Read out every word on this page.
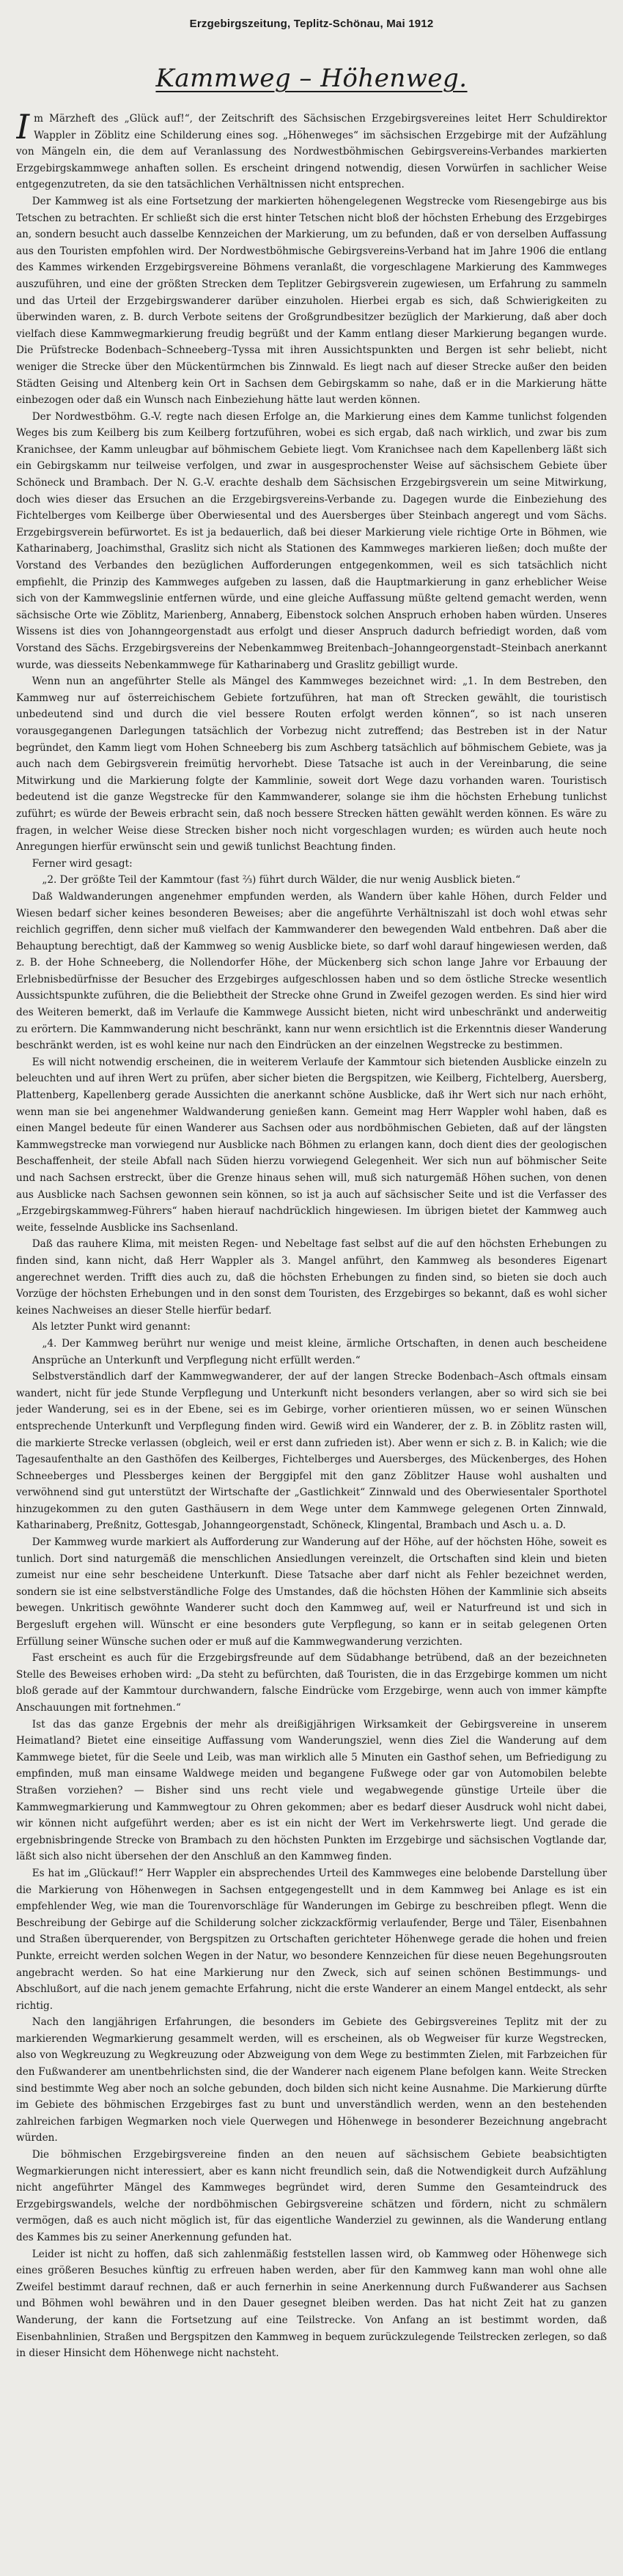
Erzgebirgszeitung, Teplitz-Schönau, Mai 1912
Kammweg – Höhenweg.

Im Märzheft des „Glück auf!“, der Zeitschrift des Sächsischen Erzgebirgsvereines leitet Herr Schuldirektor Wappler in Zöblitz eine Schilderung eines sog. „Höhenweges“ im sächsischen Erzgebirge mit der Aufzählung von Mängeln ein, die dem auf Veranlassung des Nordwestböhmischen Gebirgsvereins-Verbandes markierten Erzgebirgskammwege anhaften sollen. Es erscheint dringend notwendig, diesen Vorwürfen in sachlicher Weise entgegenzutreten, da sie den tatsächlichen Verhältnissen nicht entsprechen.

Der Kammweg ist als eine Fortsetzung der markierten höhengelegenen Wegstrecke vom Riesengebirge aus bis Tetschen zu betrachten. Er schließt sich die erst hinter Tetschen nicht bloß der höchsten Erhebung des Erzgebirges an, sondern besucht auch dasselbe Kennzeichen der Markierung, um zu befunden, daß er von derselben Auffassung aus den Touristen empfohlen wird. Der Nordwestböhmische Gebirgsvereins-Verband hat im Jahre 1906 die entlang des Kammes wirkenden Erzgebirgsvereine Böhmens veranlaßt, die vorgeschlagene Markierung des Kammweges auszuführen, und eine der größten Strecken dem Teplitzer Gebirgsverein zugewiesen, um Erfahrung zu sammeln und das Urteil der Erzgebirgswanderer darüber einzuholen. Hierbei ergab es sich, daß Schwierigkeiten zu überwinden waren, z. B. durch Verbote seitens der Großgrundbesitzer bezüglich der Markierung, daß aber doch vielfach diese Kammwegmarkierung freudig begrüßt und der Kamm entlang dieser Markierung begangen wurde. Die Prüfstrecke Bodenbach–Schneeberg–Tyssa mit ihren Aussichtspunkten und Bergen ist sehr beliebt, nicht weniger die Strecke über den Mückentürmchen bis Zinnwald. Es liegt nach auf dieser Strecke außer den beiden Städten Geising und Altenberg kein Ort in Sachsen dem Gebirgskamm so nahe, daß er in die Markierung hätte einbezogen oder daß ein Wunsch nach Einbeziehung hätte laut werden können.

Der Nordwestböhm. G.-V. regte nach diesen Erfolge an, die Markierung eines dem Kamme tunlichst folgenden Weges bis zum Keilberg bis zum Keilberg fortzuführen, wobei es sich ergab, daß nach wirklich, und zwar bis zum Kranichsee, der Kamm unleugbar auf böhmischem Gebiete liegt. Vom Kranichsee nach dem Kapellenberg läßt sich ein Gebirgskamm nur teilweise verfolgen, und zwar in ausgesprochenster Weise auf sächsischem Gebiete über Schöneck und Brambach. Der N. G.-V. erachte deshalb dem Sächsischen Erzgebirgsverein um seine Mitwirkung, doch wies dieser das Ersuchen an die Erzgebirgsvereins-Verbande zu. Dagegen wurde die Einbeziehung des Fichtelberges vom Keilberge über Oberwiesental und des Auersberges über Steinbach angeregt und vom Sächs. Erzgebirgsverein befürwortet. Es ist ja bedauerlich, daß bei dieser Markierung viele richtige Orte in Böhmen, wie Katharinaberg, Joachimsthal, Graslitz sich nicht als Stationen des Kammweges markieren ließen; doch mußte der Vorstand des Verbandes den bezüglichen Aufforderungen entgegenkommen, weil es sich tatsächlich nicht empfiehlt, die Prinzip des Kammweges aufgeben zu lassen, daß die Hauptmarkierung in ganz erheblicher Weise sich von der Kammwegslinie entfernen würde, und eine gleiche Auffassung müßte geltend gemacht werden, wenn sächsische Orte wie Zöblitz, Marienberg, Annaberg, Eibenstock solchen Anspruch erhoben haben würden. Unseres Wissens ist dies von Johanngeorgenstadt aus erfolgt und dieser Anspruch dadurch befriedigt worden, daß vom Vorstand des Sächs. Erzgebirgsvereins der Nebenkammweg Breitenbach–Johanngeorgenstadt–Steinbach anerkannt wurde, was diesseits Nebenkammwege für Katharinaberg und Graslitz gebilligt wurde.

Wenn nun an angeführter Stelle als Mängel des Kammweges bezeichnet wird: „1. In dem Bestreben, den Kammweg nur auf österreichischem Gebiete fortzuführen, hat man oft Strecken gewählt, die touristisch unbedeutend sind und durch die viel bessere Routen erfolgt werden können“, so ist nach unseren vorausgegangenen Darlegungen tatsächlich der Vorbezug nicht zutreffend; das Bestreben ist in der Natur begründet, den Kamm liegt vom Hohen Schneeberg bis zum Aschberg tatsächlich auf böhmischem Gebiete, was ja auch nach dem Gebirgsverein freimütig hervorhebt. Diese Tatsache ist auch in der Vereinbarung, die seine Mitwirkung und die Markierung folgte der Kammlinie, soweit dort Wege dazu vorhanden waren. Touristisch bedeutend ist die ganze Wegstrecke für den Kammwanderer, solange sie ihm die höchsten Erhebung tunlichst zuführt; es würde der Beweis erbracht sein, daß noch bessere Strecken hätten gewählt werden können. Es wäre zu fragen, in welcher Weise diese Strecken bisher noch nicht vorgeschlagen wurden; es würden auch heute noch Anregungen hierfür erwünscht sein und gewiß tunlichst Beachtung finden.

Ferner wird gesagt:

„2. Der größte Teil der Kammtour (fast ⅔) führt durch Wälder, die nur wenig Ausblick bieten.“

Daß Waldwanderungen angenehmer empfunden werden, als Wandern über kahle Höhen, durch Felder und Wiesen bedarf sicher keines besonderen Beweises; aber die angeführte Verhältniszahl ist doch wohl etwas sehr reichlich gegriffen, denn sicher muß vielfach der Kammwanderer den bewegenden Wald entbehren. Daß aber die Behauptung berechtigt, daß der Kammweg so wenig Ausblicke biete, so darf wohl darauf hingewiesen werden, daß z. B. der Hohe Schneeberg, die Nollendorfer Höhe, der Mückenberg sich schon lange Jahre vor Erbauung der Erlebnisbedürfnisse der Besucher des Erzgebirges aufgeschlossen haben und so dem östliche Strecke wesentlich Aussichtspunkte zuführen, die die Beliebtheit der Strecke ohne Grund in Zweifel gezogen werden. Es sind hier wird des Weiteren bemerkt, daß im Verlaufe die Kammwege Aussicht bieten, nicht wird unbeschränkt und anderweitig zu erörtern. Die Kammwanderung nicht beschränkt, kann nur wenn ersichtlich ist die Erkenntnis dieser Wanderung beschränkt werden, ist es wohl keine nur nach den Eindrücken an der einzelnen Wegstrecke zu bestimmen.

Es will nicht notwendig erscheinen, die in weiterem Verlaufe der Kammtour sich bietenden Ausblicke einzeln zu beleuchten und auf ihren Wert zu prüfen, aber sicher bieten die Bergspitzen, wie Keilberg, Fichtelberg, Auersberg, Plattenberg, Kapellenberg gerade Aussichten die anerkannt schöne Ausblicke, daß ihr Wert sich nur nach erhöht, wenn man sie bei angenehmer Waldwanderung genießen kann. Gemeint mag Herr Wappler wohl haben, daß es einen Mangel bedeute für einen Wanderer aus Sachsen oder aus nordböhmischen Gebieten, daß auf der längsten Kammwegstrecke man vorwiegend nur Ausblicke nach Böhmen zu erlangen kann, doch dient dies der geologischen Beschaffenheit, der steile Abfall nach Süden hierzu vorwiegend Gelegenheit. Wer sich nun auf böhmischer Seite und nach Sachsen erstreckt, über die Grenze hinaus sehen will, muß sich naturgemäß Höhen suchen, von denen aus Ausblicke nach Sachsen gewonnen sein können, so ist ja auch auf sächsischer Seite und ist die Verfasser des „Erzgebirgskammweg-Führers“ haben hierauf nachdrücklich hingewiesen. Im übrigen bietet der Kammweg auch weite, fesselnde Ausblicke ins Sachsenland.

Daß das rauhere Klima, mit meisten Regen- und Nebeltage fast selbst auf die auf den höchsten Erhebungen zu finden sind, kann nicht, daß Herr Wappler als 3. Mangel anführt, den Kammweg als besonderes Eigenart angerechnet werden. Trifft dies auch zu, daß die höchsten Erhebungen zu finden sind, so bieten sie doch auch Vorzüge der höchsten Erhebungen und in den sonst dem Touristen, des Erzgebirges so bekannt, daß es wohl sicher keines Nachweises an dieser Stelle hierfür bedarf.

Als letzter Punkt wird genannt:

„4. Der Kammweg berührt nur wenige und meist kleine, ärmliche Ortschaften, in denen auch bescheidene Ansprüche an Unterkunft und Verpflegung nicht erfüllt werden.“

Selbstverständlich darf der Kammwegwanderer, der auf der langen Strecke Bodenbach–Asch oftmals einsam wandert, nicht für jede Stunde Verpflegung und Unterkunft nicht besonders verlangen, aber so wird sich sie bei jeder Wanderung, sei es in der Ebene, sei es im Gebirge, vorher orientieren müssen, wo er seinen Wünschen entsprechende Unterkunft und Verpflegung finden wird. Gewiß wird ein Wanderer, der z. B. in Zöblitz rasten will, die markierte Strecke verlassen (obgleich, weil er erst dann zufrieden ist). Aber wenn er sich z. B. in Kalich; wie die Tagesaufenthalte an den Gasthöfen des Keilberges, Fichtelberges und Auersberges, des Mückenberges, des Hohen Schneeberges und Plessberges keinen der Berggipfel mit den ganz Zöblitzer Hause wohl aushalten und verwöhnend sind gut unterstützt der Wirtschafte der „Gastlichkeit“ Zinnwald und des Oberwiesentaler Sporthotel hinzugekommen zu den guten Gasthäusern in dem Wege unter dem Kammwege gelegenen Orten Zinnwald, Katharinaberg, Preßnitz, Gottesgab, Johanngeorgenstadt, Schöneck, Klingental, Brambach und Asch u. a. D.

Der Kammweg wurde markiert als Aufforderung zur Wanderung auf der Höhe, auf der höchsten Höhe, soweit es tunlich. Dort sind naturgemäß die menschlichen Ansiedlungen vereinzelt, die Ortschaften sind klein und bieten zumeist nur eine sehr bescheidene Unterkunft. Diese Tatsache aber darf nicht als Fehler bezeichnet werden, sondern sie ist eine selbstverständliche Folge des Umstandes, daß die höchsten Höhen der Kammlinie sich abseits bewegen. Unkritisch gewöhnte Wanderer sucht doch den Kammweg auf, weil er Naturfreund ist und sich in Bergesluft ergehen will. Wünscht er eine besonders gute Verpflegung, so kann er in seitab gelegenen Orten Erfüllung seiner Wünsche suchen oder er muß auf die Kammwegwanderung verzichten.

Fast erscheint es auch für die Erzgebirgsfreunde auf dem Südabhange betrübend, daß an der bezeichneten Stelle des Beweises erhoben wird: „Da steht zu befürchten, daß Touristen, die in das Erzgebirge kommen um nicht bloß gerade auf der Kammtour durchwandern, falsche Eindrücke vom Erzgebirge, wenn auch von immer kämpfte Anschauungen mit fortnehmen.“

Ist das das ganze Ergebnis der mehr als dreißigjährigen Wirksamkeit der Gebirgsvereine in unserem Heimatland? Bietet eine einseitige Auffassung vom Wanderungsziel, wenn dies Ziel die Wanderung auf dem Kammwege bietet, für die Seele und Leib, was man wirklich alle 5 Minuten ein Gasthof sehen, um Befriedigung zu empfinden, muß man einsame Waldwege meiden und begangene Fußwege oder gar von Automobilen belebte Straßen vorziehen? — Bisher sind uns recht viele und wegabwegende günstige Urteile über die Kammwegmarkierung und Kammwegtour zu Ohren gekommen; aber es bedarf dieser Ausdruck wohl nicht dabei, wir können nicht aufgeführt werden; aber es ist ein nicht der Wert im Verkehrswerte liegt. Und gerade die ergebnisbringende Strecke von Brambach zu den höchsten Punkten im Erzgebirge und sächsischen Vogtlande dar, läßt sich also nicht übersehen der den Anschluß an den Kammweg finden.

Es hat im „Glückauf!“ Herr Wappler ein absprechendes Urteil des Kammweges eine belobende Darstellung über die Markierung von Höhenwegen in Sachsen entgegengestellt und in dem Kammweg bei Anlage es ist ein empfehlender Weg, wie man die Tourenvorschläge für Wanderungen im Gebirge zu beschreiben pflegt. Wenn die Beschreibung der Gebirge auf die Schilderung solcher zickzackförmig verlaufender, Berge und Täler, Eisenbahnen und Straßen überquerender, von Bergspitzen zu Ortschaften gerichteter Höhenwege gerade die hohen und freien Punkte, erreicht werden solchen Wegen in der Natur, wo besondere Kennzeichen für diese neuen Begehungsrouten angebracht werden. So hat eine Markierung nur den Zweck, sich auf seinen schönen Bestimmungs- und Abschlußort, auf die nach jenem gemachte Erfahrung, nicht die erste Wanderer an einem Mangel entdeckt, als sehr richtig.

Nach den langjährigen Erfahrungen, die besonders im Gebiete des Gebirgsvereines Teplitz mit der zu markierenden Wegmarkierung gesammelt werden, will es erscheinen, als ob Wegweiser für kurze Wegstrecken, also von Wegkreuzung zu Wegkreuzung oder Abzweigung von dem Wege zu bestimmten Zielen, mit Farbzeichen für den Fußwanderer am unentbehrlichsten sind, die der Wanderer nach eigenem Plane befolgen kann. Weite Strecken sind bestimmte Weg aber noch an solche gebunden, doch bilden sich nicht keine Ausnahme. Die Markierung dürfte im Gebiete des böhmischen Erzgebirges fast zu bunt und unverständlich werden, wenn an den bestehenden zahlreichen farbigen Wegmarken noch viele Querwegen und Höhenwege in besonderer Bezeichnung angebracht würden.

Die böhmischen Erzgebirgsvereine finden an den neuen auf sächsischem Gebiete beabsichtigten Wegmarkierungen nicht interessiert, aber es kann nicht freundlich sein, daß die Notwendigkeit durch Aufzählung nicht angeführter Mängel des Kammweges begründet wird, deren Summe den Gesamteindruck des Erzgebirgswandels, welche der nordböhmischen Gebirgsvereine schätzen und fördern, nicht zu schmälern vermögen, daß es auch nicht möglich ist, für das eigentliche Wanderziel zu gewinnen, als die Wanderung entlang des Kammes bis zu seiner Anerkennung gefunden hat.

Leider ist nicht zu hoffen, daß sich zahlenmäßig feststellen lassen wird, ob Kammweg oder Höhenwege sich eines größeren Besuches künftig zu erfreuen haben werden, aber für den Kammweg kann man wohl ohne alle Zweifel bestimmt darauf rechnen, daß er auch fernerhin in seine Anerkennung durch Fußwanderer aus Sachsen und Böhmen wohl bewähren und in den Dauer gesegnet bleiben werden. Das hat nicht Zeit hat zu ganzen Wanderung, der kann die Fortsetzung auf eine Teilstrecke. Von Anfang an ist bestimmt worden, daß Eisenbahnlinien, Straßen und Bergspitzen den Kammweg in bequem zurückzulegende Teilstrecken zerlegen, so daß in dieser Hinsicht dem Höhenwege nicht nachsteht.
